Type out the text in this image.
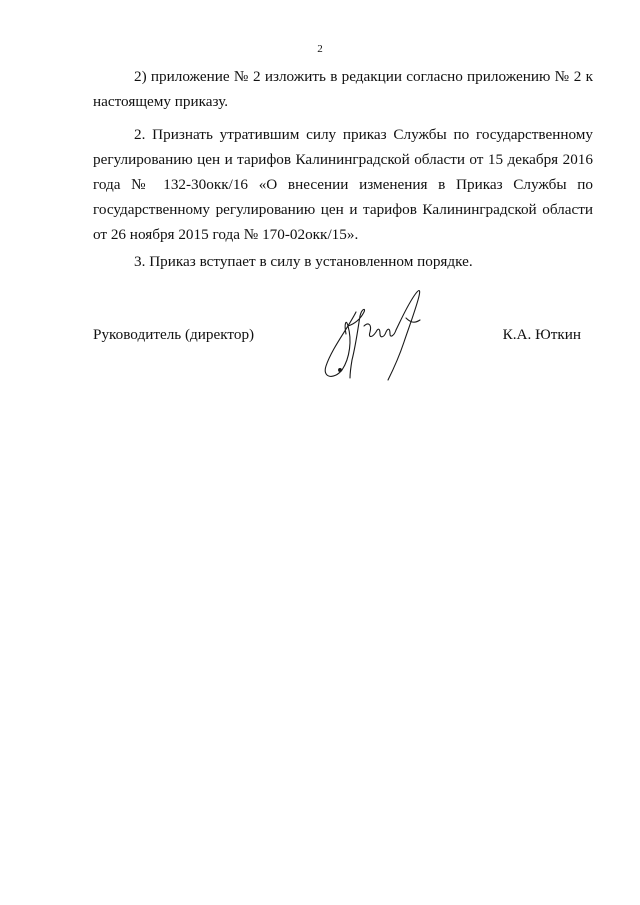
2

2) приложение № 2 изложить в редакции согласно приложению № 2 к настоящему приказу.

2. Признать утратившим силу приказ Службы по государственному регулированию цен и тарифов Калининградской области от 15 декабря 2016 года № 132-30окк/16 «О внесении изменения в Приказ Службы по государственному регулированию цен и тарифов Калининградской области от 26 ноября 2015 года № 170-02окк/15».

3. Приказ вступает в силу в установленном порядке.

Руководитель (директор)	К.А. Юткин
